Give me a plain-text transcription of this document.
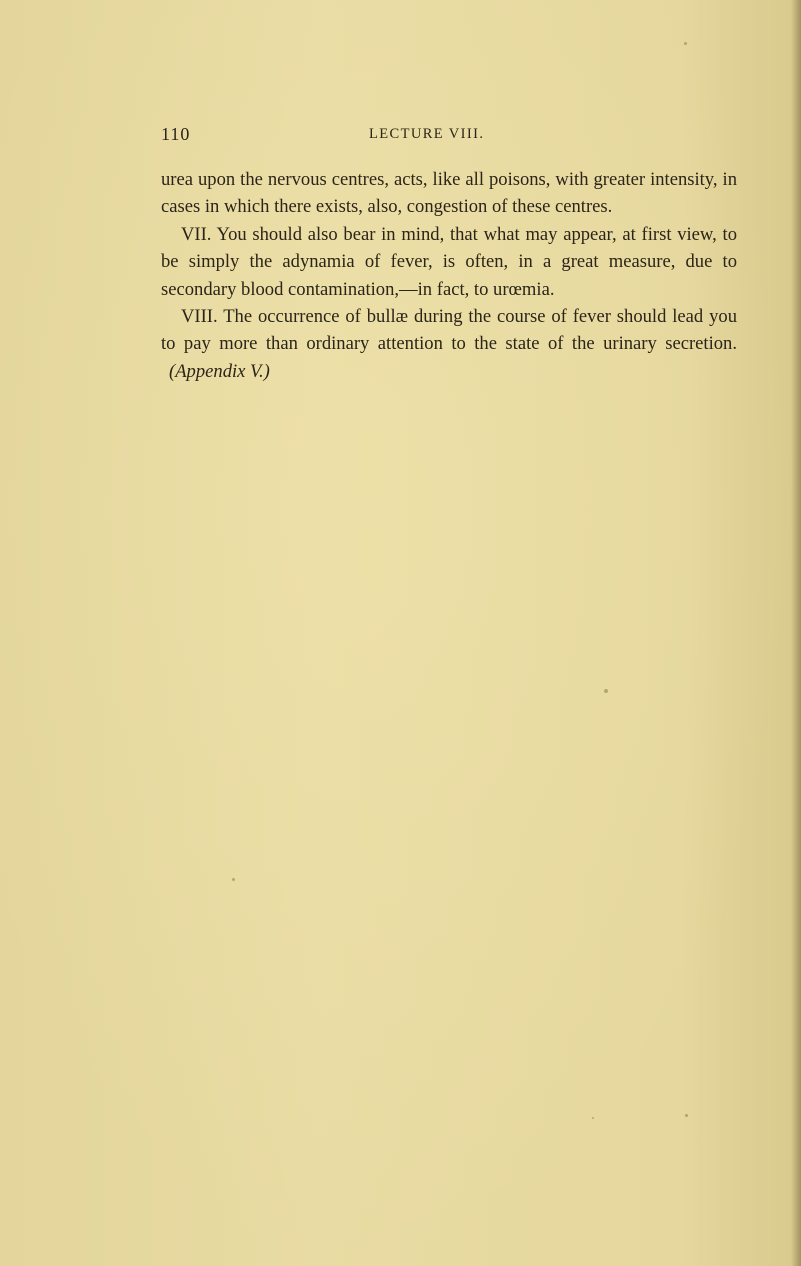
110	LECTURE VIII.

urea upon the nervous centres, acts, like all poisons, with greater intensity, in cases in which there exists, also, congestion of these centres.

VII. You should also bear in mind, that what may appear, at first view, to be simply the adynamia of fever, is often, in a great measure, due to secondary blood contamination,—in fact, to urœmia.

VIII. The occurrence of bullæ during the course of fever should lead you to pay more than ordinary attention to the state of the urinary secretion.(Appendix V.)
